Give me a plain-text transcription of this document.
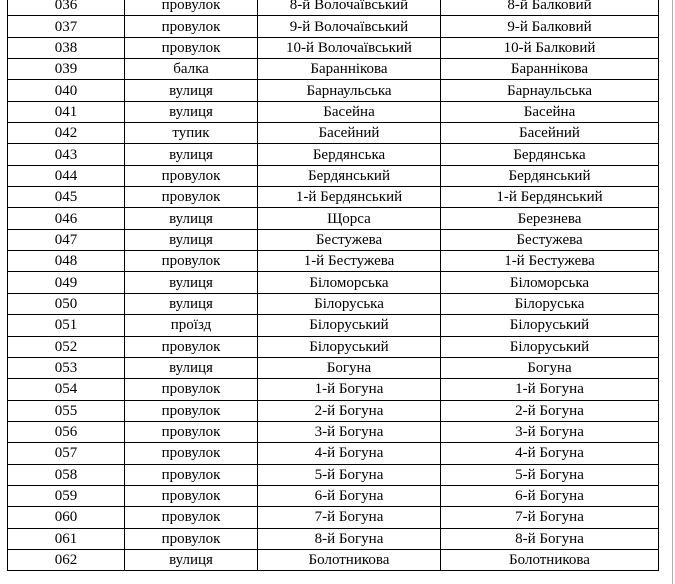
036	провулок	8-й Волочаївський	8-й Балковий
037	провулок	9-й Волочаївський	9-й Балковий
038	провулок	10-й Волочаївський	10-й Балковий
039	балка	Бараннікова	Бараннікова
040	вулиця	Барнаульська	Барнаульська
041	вулиця	Басейна	Басейна
042	тупик	Басейний	Басейний
043	вулиця	Бердянська	Бердянська
044	провулок	Бердянський	Бердянський
045	провулок	1-й Бердянський	1-й Бердянський
046	вулиця	Щорса	Березнева
047	вулиця	Бестужева	Бестужева
048	провулок	1-й Бестужева	1-й Бестужева
049	вулиця	Біломорська	Біломорська
050	вулиця	Білоруська	Білоруська
051	проїзд	Білоруський	Білоруський
052	провулок	Білоруський	Білоруський
053	вулиця	Богуна	Богуна
054	провулок	1-й Богуна	1-й Богуна
055	провулок	2-й Богуна	2-й Богуна
056	провулок	3-й Богуна	3-й Богуна
057	провулок	4-й Богуна	4-й Богуна
058	провулок	5-й Богуна	5-й Богуна
059	провулок	6-й Богуна	6-й Богуна
060	провулок	7-й Богуна	7-й Богуна
061	провулок	8-й Богуна	8-й Богуна
062	вулиця	Болотникова	Болотникова
